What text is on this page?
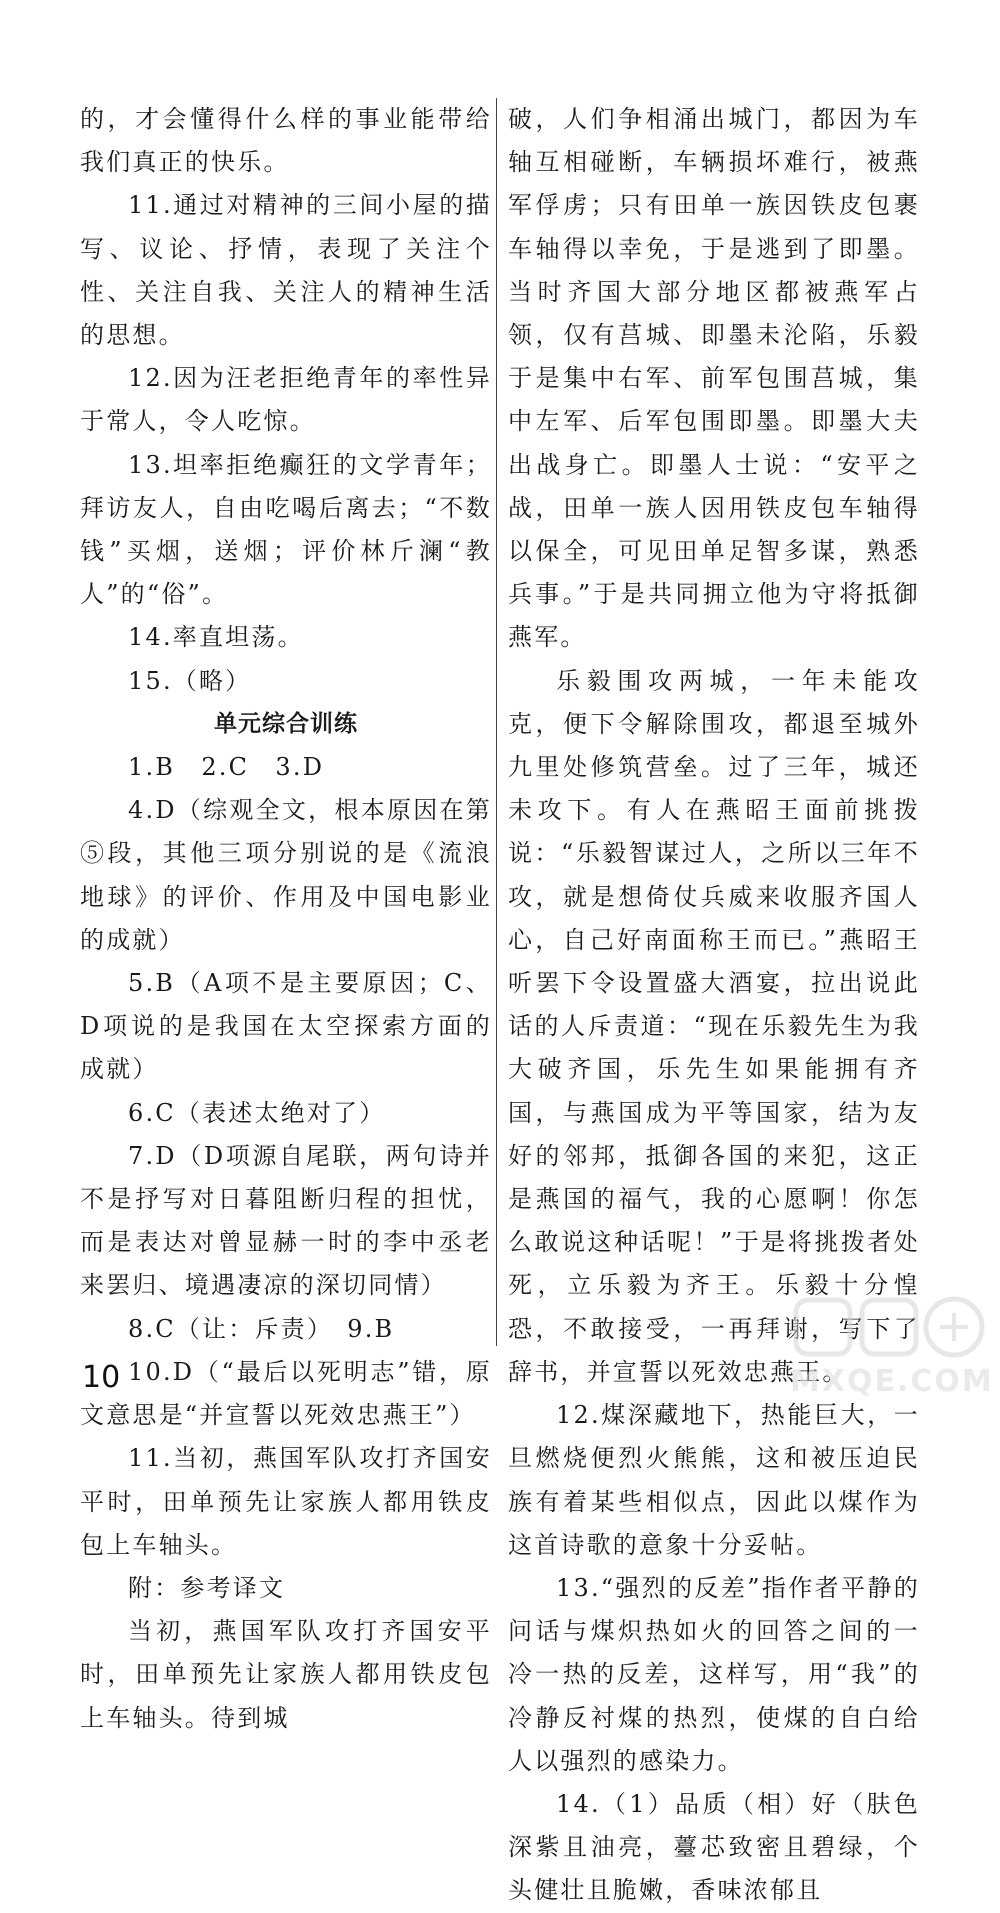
的，才会懂得什么样的事业能带给我们真正的快乐。

11.通过对精神的三间小屋的描写、议论、抒情，表现了关注个性、关注自我、关注人的精神生活的思想。

12.因为汪老拒绝青年的率性异于常人，令人吃惊。

13.坦率拒绝癫狂的文学青年；拜访友人，自由吃喝后离去；“不数钱”买烟，送烟；评价林斤澜“教人”的“俗”。

14.率直坦荡。

15.（略）

单元综合训练

1.B　2.C　3.D

4.D（综观全文，根本原因在第⑤段，其他三项分别说的是《流浪地球》的评价、作用及中国电影业的成就）

5.B（A项不是主要原因；C、D项说的是我国在太空探索方面的成就）

6.C（表述太绝对了）

7.D（D项源自尾联，两句诗并不是抒写对日暮阻断归程的担忧，而是表达对曾显赫一时的李中丞老来罢归、境遇凄凉的深切同情）

8.C（让：斥责）　9.B

10.D（“最后以死明志”错，原文意思是“并宣誓以死效忠燕王”）

11.当初，燕国军队攻打齐国安平时，田单预先让家族人都用铁皮包上车轴头。

附：参考译文

当初，燕国军队攻打齐国安平时，田单预先让家族人都用铁皮包上车轴头。待到城

破，人们争相涌出城门，都因为车轴互相碰断，车辆损坏难行，被燕军俘虏；只有田单一族因铁皮包裹车轴得以幸免，于是逃到了即墨。当时齐国大部分地区都被燕军占领，仅有莒城、即墨未沦陷，乐毅于是集中右军、前军包围莒城，集中左军、后军包围即墨。即墨大夫出战身亡。即墨人士说：“安平之战，田单一族人因用铁皮包车轴得以保全，可见田单足智多谋，熟悉兵事。”于是共同拥立他为守将抵御燕军。

乐毅围攻两城，一年未能攻克，便下令解除围攻，都退至城外九里处修筑营垒。过了三年，城还未攻下。有人在燕昭王面前挑拨说：“乐毅智谋过人，之所以三年不攻，就是想倚仗兵威来收服齐国人心，自己好南面称王而已。”燕昭王听罢下令设置盛大酒宴，拉出说此话的人斥责道：“现在乐毅先生为我大破齐国，乐先生如果能拥有齐国，与燕国成为平等国家，结为友好的邻邦，抵御各国的来犯，这正是燕国的福气，我的心愿啊！你怎么敢说这种话呢！”于是将挑拨者处死，立乐毅为齐王。乐毅十分惶恐，不敢接受，一再拜谢，写下了辞书，并宣誓以死效忠燕王。

12.煤深藏地下，热能巨大，一旦燃烧便烈火熊熊，这和被压迫民族有着某些相似点，因此以煤作为这首诗歌的意象十分妥帖。

13.“强烈的反差”指作者平静的问话与煤炽热如火的回答之间的一冷一热的反差，这样写，用“我”的冷静反衬煤的热烈，使煤的自白给人以强烈的感染力。

14.（1）品质（相）好（肤色深紫且油亮，薹芯致密且碧绿，个头健壮且脆嫩，香味浓郁且

10	MXQE.COM
